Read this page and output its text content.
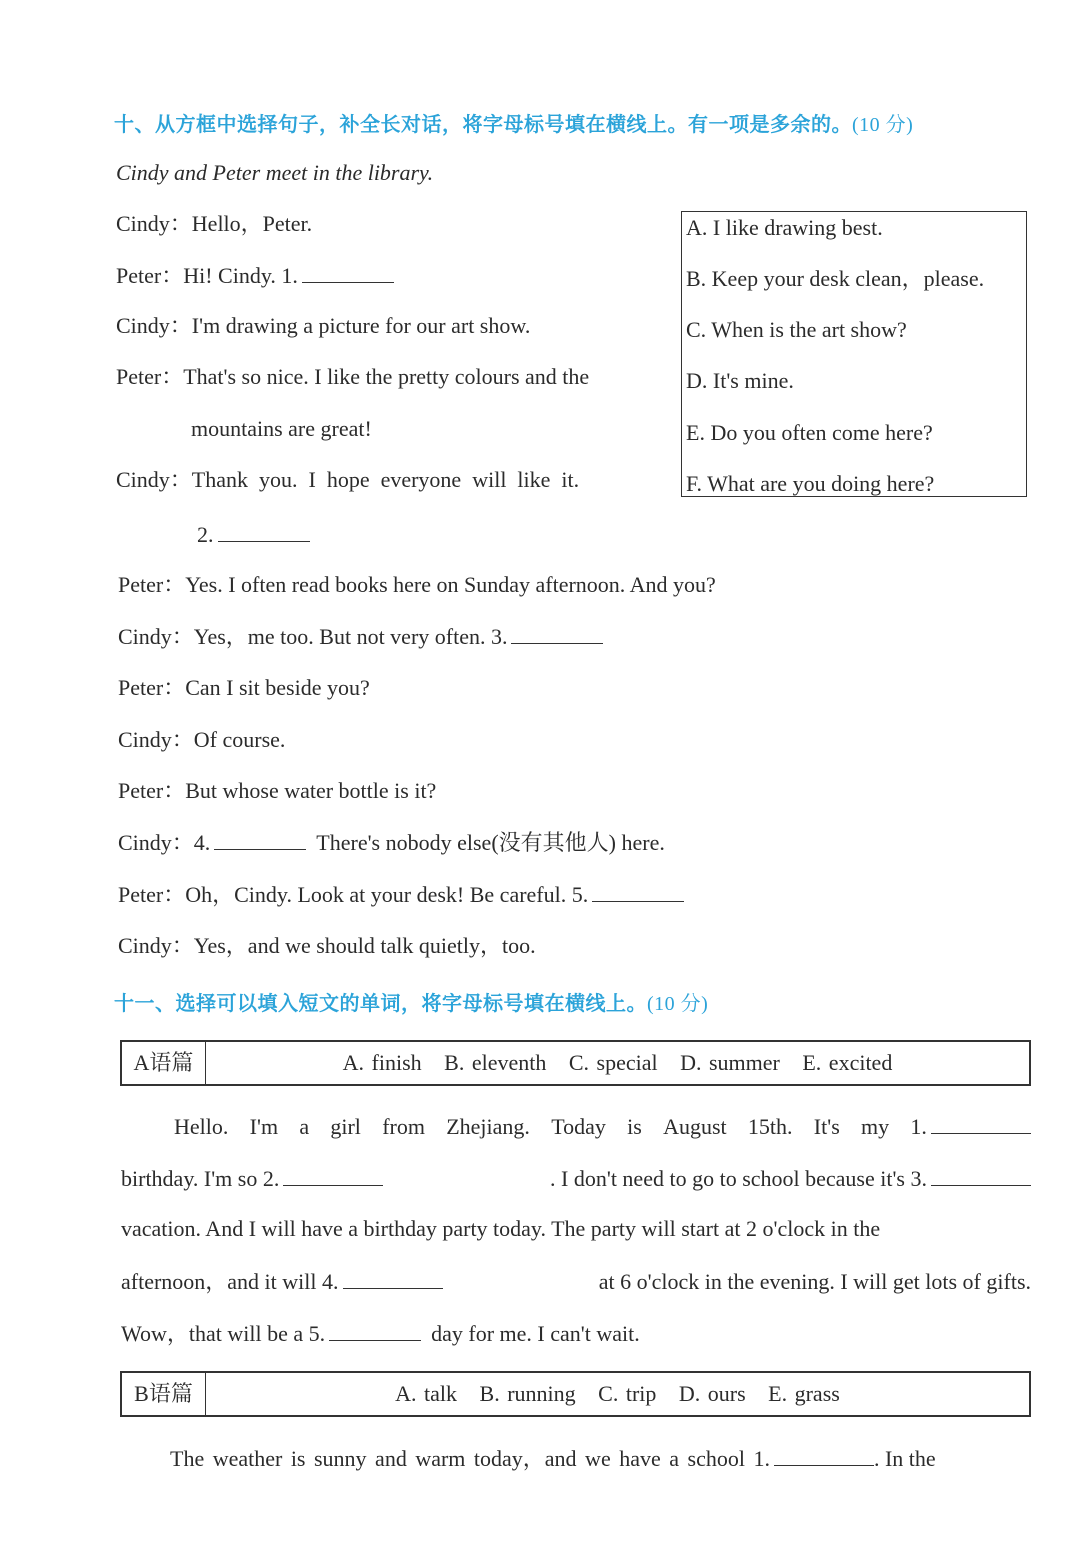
十、从方框中选择句子，补全长对话，将字母标号填在横线上。有一项是多余的。(10 分)
Cindy and Peter meet in the library.
Cindy：Hello，Peter.
Peter：Hi! Cindy. 1.
Cindy：I'm drawing a picture for our art show.
Peter：That's so nice. I like the pretty colours and the
mountains are great!
Cindy：Thank  you.  I  hope  everyone  will  like  it.
2.
Peter：Yes. I often read books here on Sunday afternoon. And you?
Cindy：Yes，me too. But not very often. 3.
Peter：Can I sit beside you?
Cindy：Of course.
Peter：But whose water bottle is it?
Cindy：4.	There's nobody else(没有其他人) here.
Peter：Oh，Cindy. Look at your desk! Be careful. 5.
Cindy：Yes，and we should talk quietly，too.
A. I like drawing best.
B. Keep your desk clean，please.
C. When is the art show?
D. It's mine.
E. Do you often come here?
F. What are you doing here?
十一、选择可以填入短文的单词，将字母标号填在横线上。(10 分)
A语篇	A. finish   B. eleventh   C. special   D. summer   E. excited
Hello. I'm a girl from Zhejiang. Today is August 15th. It's my 1.
birthday. I'm so 2.	. I don't need to go to school because it's 3.
vacation. And I will have a birthday party today. The party will start at 2 o'clock in the
afternoon，and it will 4.	at 6 o'clock in the evening. I will get lots of gifts.
Wow，that will be a 5.	day for me. I can't wait.
B语篇	A. talk   B. running   C. trip   D. ours   E. grass
The weather is sunny and warm today，and we have a school 1.	. In the
